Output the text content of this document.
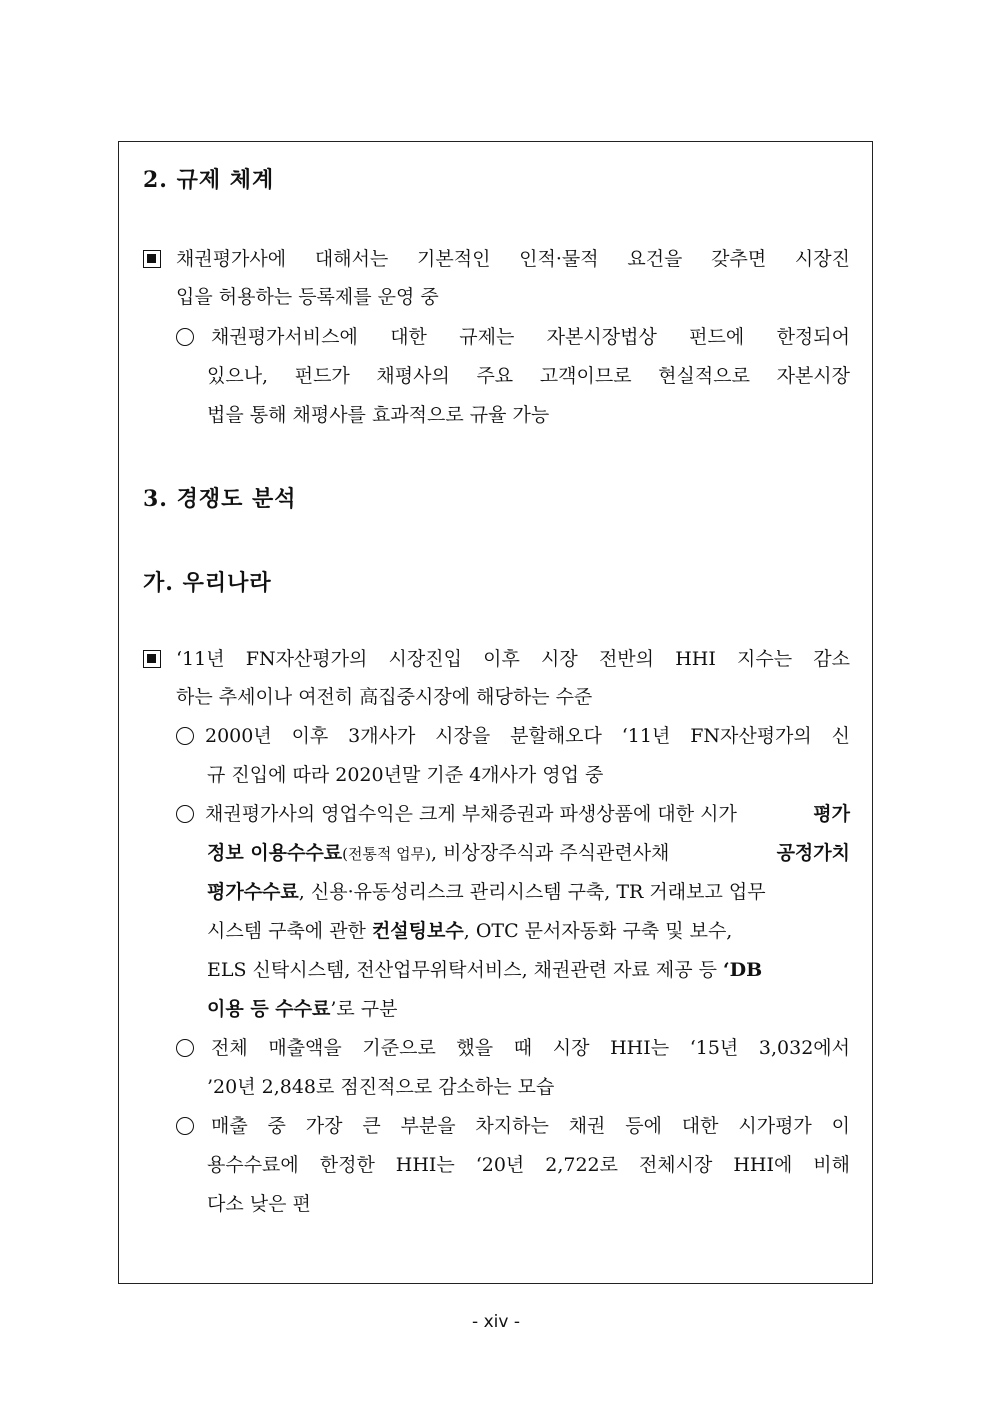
2. 규제 체계
채권평가사에 대해서는 기본적인 인적·물적 요건을 갖추면 시장진
입을 허용하는 등록제를 운영 중
채권평가서비스에 대한 규제는 자본시장법상 펀드에 한정되어
있으나, 펀드가 채평사의 주요 고객이므로 현실적으로 자본시장
법을 통해 채평사를 효과적으로 규율 가능
3. 경쟁도 분석
가. 우리나라
‘11년 FN자산평가의 시장진입 이후 시장 전반의 HHI 지수는 감소
하는 추세이나 여전히 高집중시장에 해당하는 수준
2000년 이후 3개사가 시장을 분할해오다 ‘11년 FN자산평가의 신
규 진입에 따라 2020년말 기준 4개사가 영업 중
채권평가사의 영업수익은 크게 부채증권과 파생상품에 대한 시가	평가
정보 이용수수료(전통적 업무), 비상장주식과 주식관련사채	공정가치
평가수수료, 신용·유동성리스크 관리시스템 구축, TR 거래보고 업무
시스템 구축에 관한 컨설팅보수, OTC 문서자동화 구축 및 보수,
ELS 신탁시스템, 전산업무위탁서비스, 채권관련 자료 제공 등 ‘DB
이용 등 수수료’로 구분
전체 매출액을 기준으로 했을 때 시장 HHI는 ‘15년 3,032에서
’20년 2,848로 점진적으로 감소하는 모습
매출 중 가장 큰 부분을 차지하는 채권 등에 대한 시가평가 이
용수수료에 한정한 HHI는 ‘20년 2,722로 전체시장 HHI에 비해
다소 낮은 편
- xiv -
